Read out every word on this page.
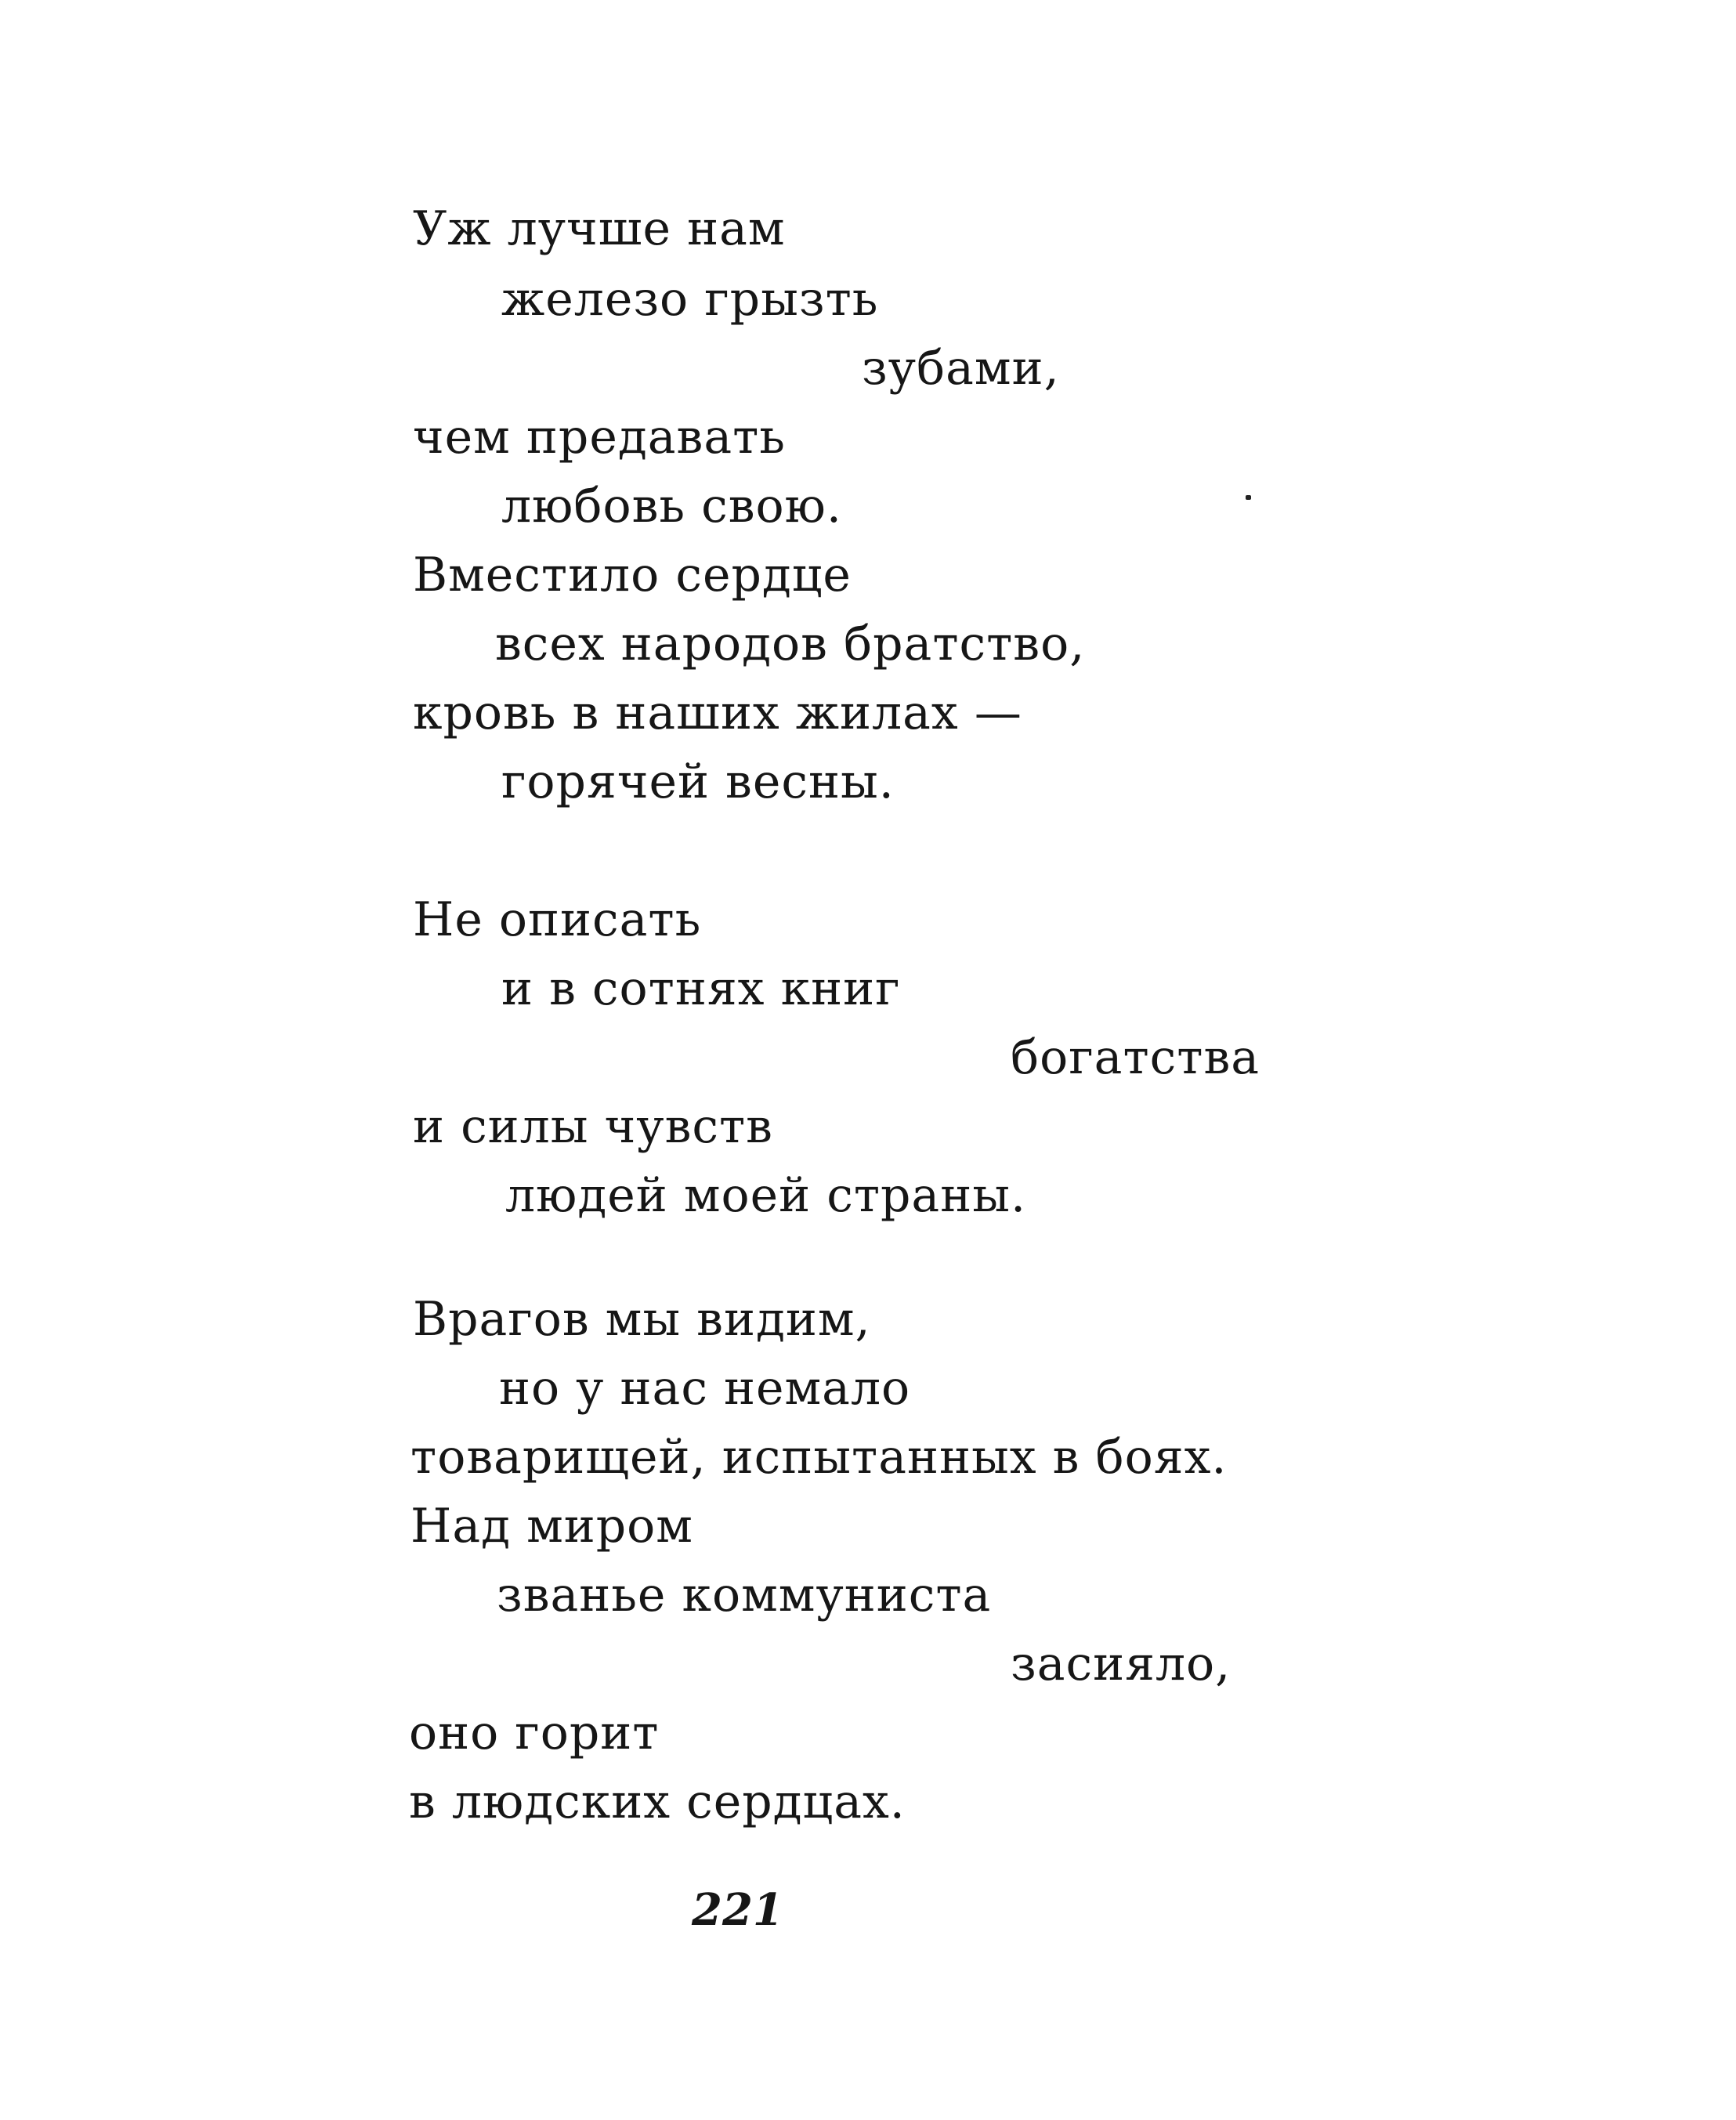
Уж лучше нам
железо грызть
зубами,
чем предавать
любовь свою.
Вместило сердце
всех народов братство,
кровь в наших жилах —
горячей весны.
Не описать
и в сотнях книг
богатства
и силы чувств
людей моей страны.
Врагов мы видим,
но у нас немало
товарищей, испытанных в боях.
Над миром
званье коммуниста
засияло,
оно горит
в людских сердцах.
221
